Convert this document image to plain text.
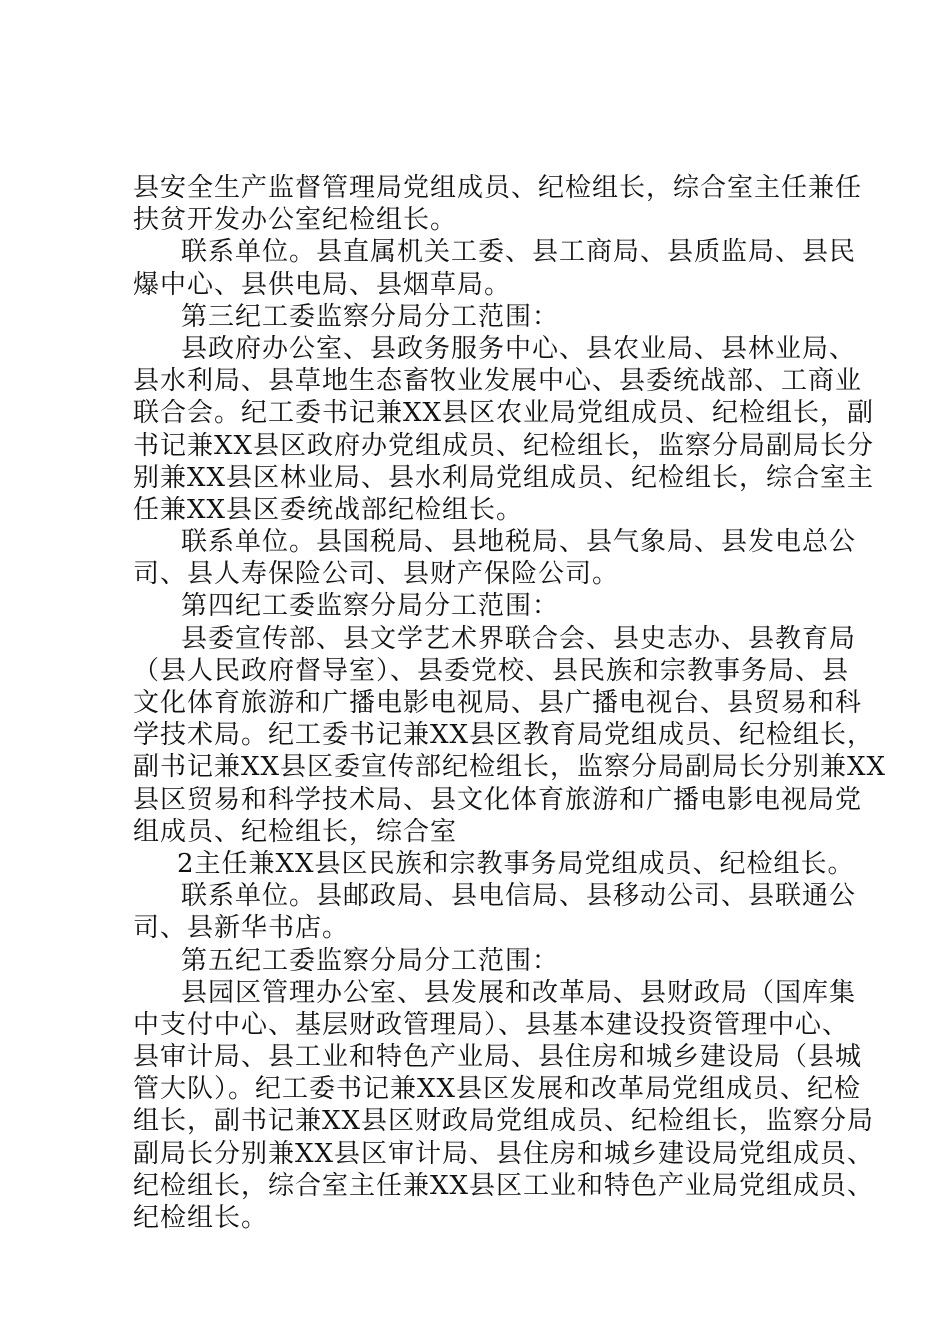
县安全生产监督管理局党组成员、纪检组长，综合室主任兼任
扶贫开发办公室纪检组长。
联系单位。县直属机关工委、县工商局、县质监局、县民
爆中心、县供电局、县烟草局。
第三纪工委监察分局分工范围：
县政府办公室、县政务服务中心、县农业局、县林业局、
县水利局、县草地生态畜牧业发展中心、县委统战部、工商业
联合会。纪工委书记兼XX县区农业局党组成员、纪检组长，副
书记兼XX县区政府办党组成员、纪检组长，监察分局副局长分
别兼XX县区林业局、县水利局党组成员、纪检组长，综合室主
任兼XX县区委统战部纪检组长。
联系单位。县国税局、县地税局、县气象局、县发电总公
司、县人寿保险公司、县财产保险公司。
第四纪工委监察分局分工范围：
县委宣传部、县文学艺术界联合会、县史志办、县教育局
（县人民政府督导室）、县委党校、县民族和宗教事务局、县
文化体育旅游和广播电影电视局、县广播电视台、县贸易和科
学技术局。纪工委书记兼XX县区教育局党组成员、纪检组长，
副书记兼XX县区委宣传部纪检组长，监察分局副局长分别兼XX
县区贸易和科学技术局、县文化体育旅游和广播电影电视局党
组成员、纪检组长，综合室
2主任兼XX县区民族和宗教事务局党组成员、纪检组长。
联系单位。县邮政局、县电信局、县移动公司、县联通公
司、县新华书店。
第五纪工委监察分局分工范围：
县园区管理办公室、县发展和改革局、县财政局（国库集
中支付中心、基层财政管理局）、县基本建设投资管理中心、
县审计局、县工业和特色产业局、县住房和城乡建设局（县城
管大队）。纪工委书记兼XX县区发展和改革局党组成员、纪检
组长，副书记兼XX县区财政局党组成员、纪检组长，监察分局
副局长分别兼XX县区审计局、县住房和城乡建设局党组成员、
纪检组长，综合室主任兼XX县区工业和特色产业局党组成员、
纪检组长。
